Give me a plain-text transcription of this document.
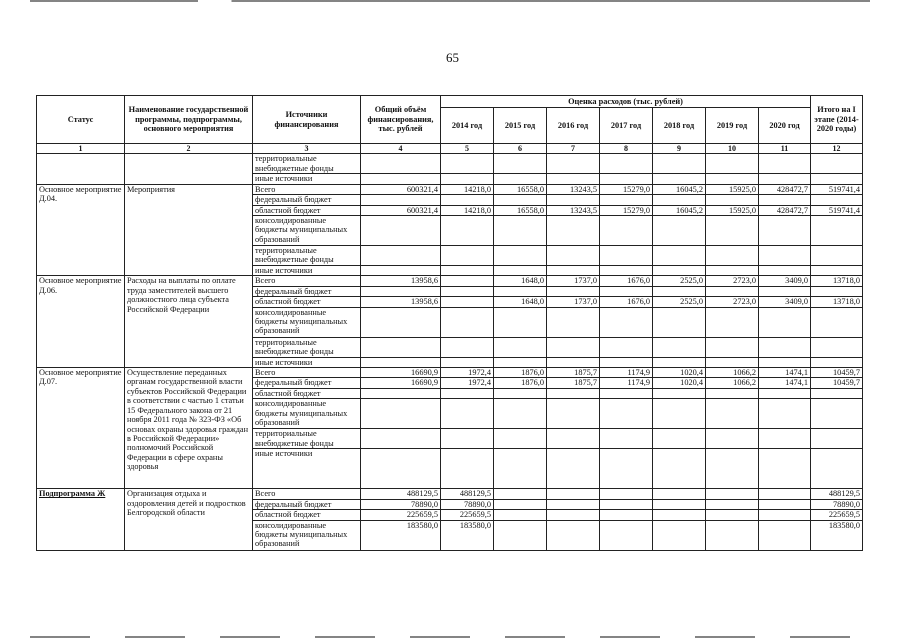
65
Статус	Наименование государственной программы, подпрограммы, основного мероприятия	Источники финансирования	Общий объём финансирования, тыс. рублей	Оценка расходов (тыс. рублей)							Итого на I этапе (2014-2020 годы)
				2014 год	2015 год	2016 год	2017 год	2018 год	2019 год	2020 год	
1	2	3	4	5	6	7	8	9	10	11	12
		территориальные внебюджетные фонды									
		иные источники									
Основное мероприятие Д.04.	Мероприятия	Всего	600321,4	14218,0	16558,0	13243,5	15279,0	16045,2	15925,0	428472,7	519741,4
		федеральный бюджет									
		областной бюджет	600321,4	14218,0	16558,0	13243,5	15279,0	16045,2	15925,0	428472,7	519741,4
		консолидированные бюджеты муниципальных образований									
		территориальные внебюджетные фонды									
		иные источники									
Основное мероприятие Д.06.	Расходы на выплаты по оплате труда заместителей высшего должностного лица субъекта Российской Федерации	Всего	13958,6		1648,0	1737,0	1676,0	2525,0	2723,0	3409,0	13718,0
		федеральный бюджет									
		областной бюджет	13958,6		1648,0	1737,0	1676,0	2525,0	2723,0	3409,0	13718,0
		консолидированные бюджеты муниципальных образований									
		территориальные внебюджетные фонды									
		иные источники									
Основное мероприятие Д.07.	Осуществление переданных органам государственной власти субъектов Российской Федерации в соответствии с частью 1 статьи 15 Федерального закона от 21 ноября 2011 года № 323-ФЗ «Об основах охраны здоровья граждан в Российской Федерации» полномочий Российской Федерации в сфере охраны здоровья	Всего	16690,9	1972,4	1876,0	1875,7	1174,9	1020,4	1066,2	1474,1	10459,7
		федеральный бюджет	16690,9	1972,4	1876,0	1875,7	1174,9	1020,4	1066,2	1474,1	10459,7
		областной бюджет									
		консолидированные бюджеты муниципальных образований									
		территориальные внебюджетные фонды									
		иные источники									
Подпрограмма Ж	Организация отдыха и оздоровления детей и подростков Белгородской области	Всего	488129,5	488129,5							488129,5
		федеральный бюджет	78890,0	78890,0							78890,0
		областной бюджет	225659,5	225659,5							225659,5
		консолидированные бюджеты муниципальных образований	183580,0	183580,0							183580,0
